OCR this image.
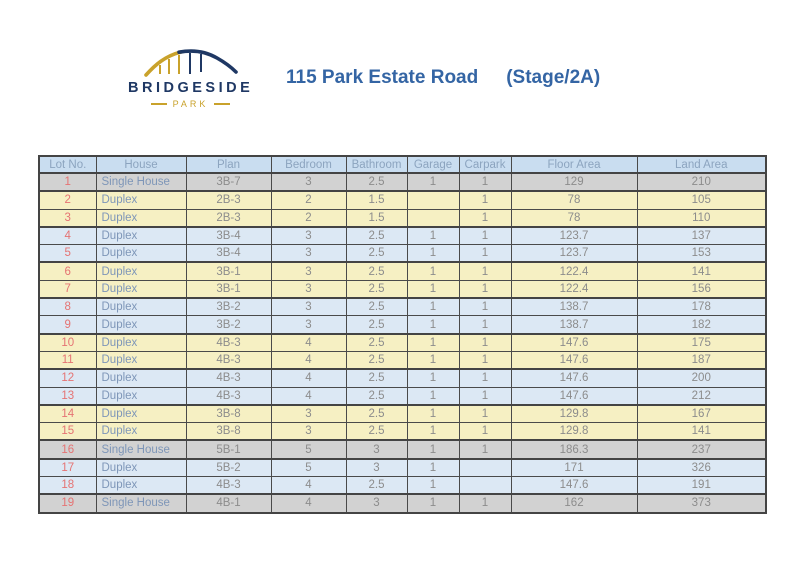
BRIDGESIDE
PARK
115 Park Estate Road (Stage/2A)
Lot No.	House	Plan	Bedroom	Bathroom	Garage	Carpark	Floor Area	Land Area
1	Single House	3B-7	3	2.5	1	1	129	210
2	Duplex	2B-3	2	1.5		1	78	105
3	Duplex	2B-3	2	1.5		1	78	110
4	Duplex	3B-4	3	2.5	1	1	123.7	137
5	Duplex	3B-4	3	2.5	1	1	123.7	153
6	Duplex	3B-1	3	2.5	1	1	122.4	141
7	Duplex	3B-1	3	2.5	1	1	122.4	156
8	Duplex	3B-2	3	2.5	1	1	138.7	178
9	Duplex	3B-2	3	2.5	1	1	138.7	182
10	Duplex	4B-3	4	2.5	1	1	147.6	175
11	Duplex	4B-3	4	2.5	1	1	147.6	187
12	Duplex	4B-3	4	2.5	1	1	147.6	200
13	Duplex	4B-3	4	2.5	1	1	147.6	212
14	Duplex	3B-8	3	2.5	1	1	129.8	167
15	Duplex	3B-8	3	2.5	1	1	129.8	141
16	Single House	5B-1	5	3	1	1	186.3	237
17	Duplex	5B-2	5	3	1		171	326
18	Duplex	4B-3	4	2.5	1		147.6	191
19	Single House	4B-1	4	3	1	1	162	373
